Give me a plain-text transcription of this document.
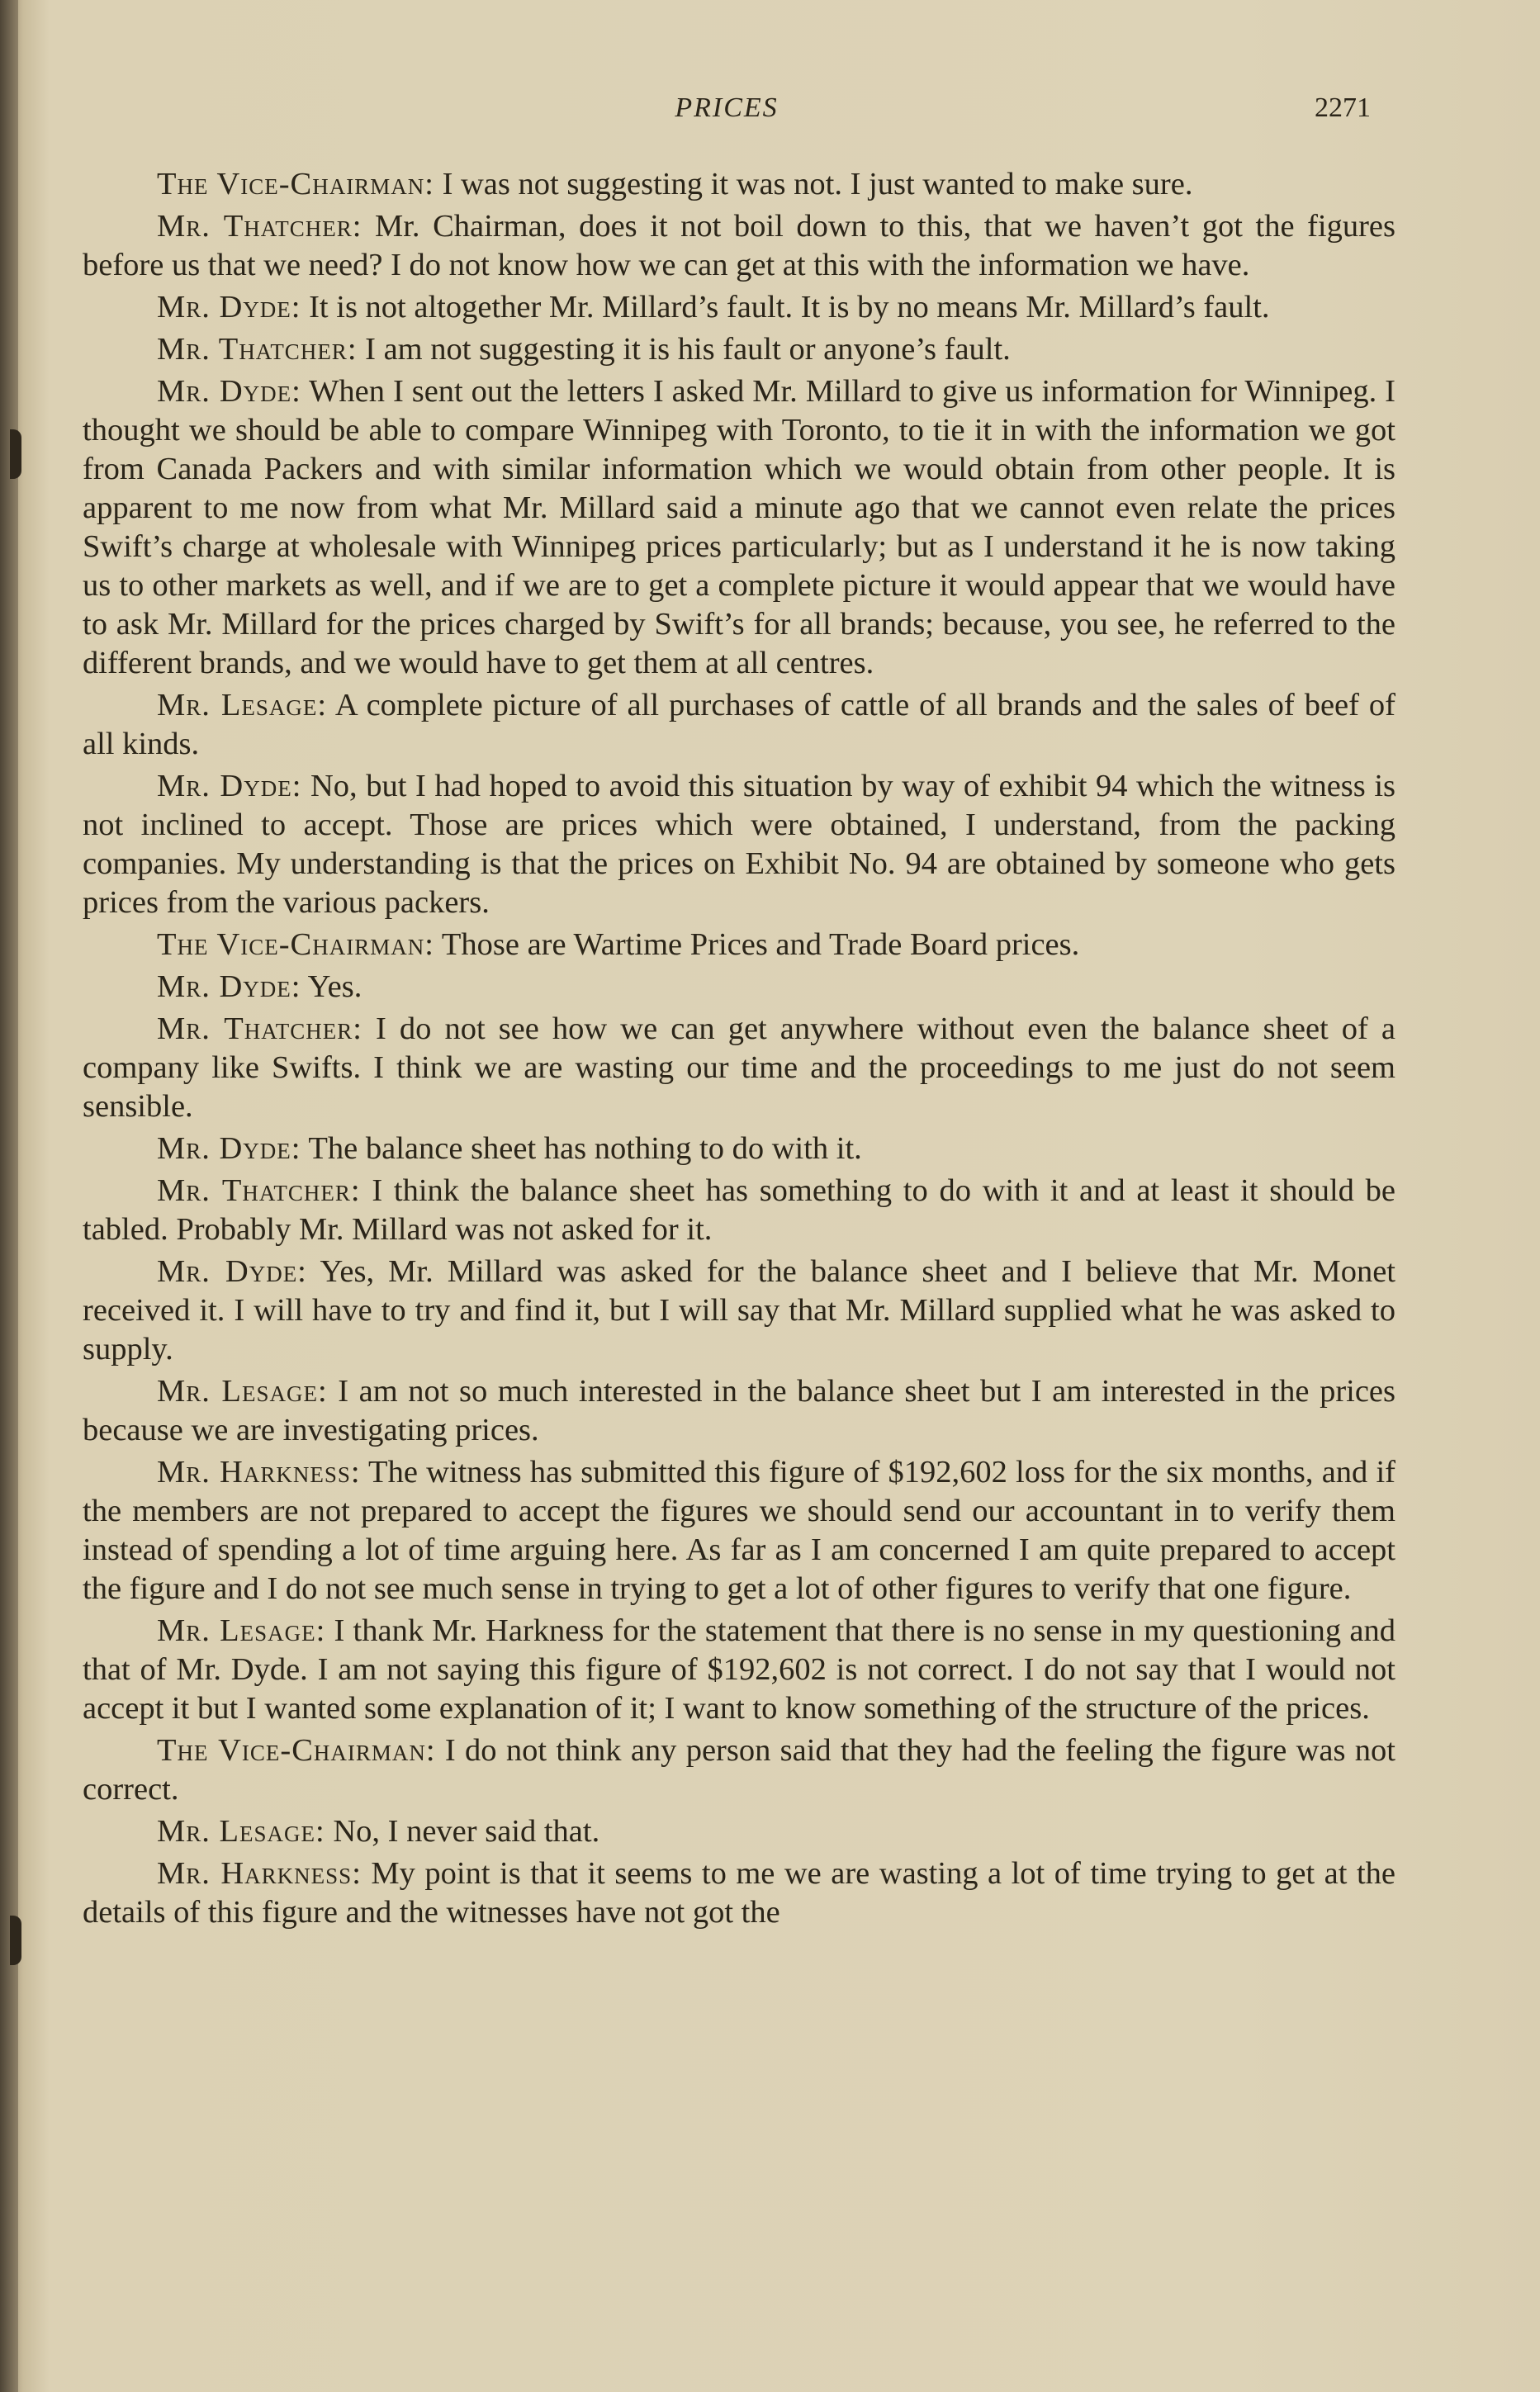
PRICES	2271

The Vice-Chairman: I was not suggesting it was not. I just wanted to make sure.

Mr. Thatcher: Mr. Chairman, does it not boil down to this, that we haven’t got the figures before us that we need? I do not know how we can get at this with the information we have.

Mr. Dyde: It is not altogether Mr. Millard’s fault. It is by no means Mr. Millard’s fault.

Mr. Thatcher: I am not suggesting it is his fault or anyone’s fault.

Mr. Dyde: When I sent out the letters I asked Mr. Millard to give us information for Winnipeg. I thought we should be able to compare Winnipeg with Toronto, to tie it in with the information we got from Canada Packers and with similar information which we would obtain from other people. It is apparent to me now from what Mr. Millard said a minute ago that we cannot even relate the prices Swift’s charge at wholesale with Winnipeg prices particularly; but as I understand it he is now taking us to other markets as well, and if we are to get a complete picture it would appear that we would have to ask Mr. Millard for the prices charged by Swift’s for all brands; because, you see, he referred to the different brands, and we would have to get them at all centres.

Mr. Lesage: A complete picture of all purchases of cattle of all brands and the sales of beef of all kinds.

Mr. Dyde: No, but I had hoped to avoid this situation by way of exhibit 94 which the witness is not inclined to accept. Those are prices which were obtained, I understand, from the packing companies. My understanding is that the prices on Exhibit No. 94 are obtained by someone who gets prices from the various packers.

The Vice-Chairman: Those are Wartime Prices and Trade Board prices.

Mr. Dyde: Yes.

Mr. Thatcher: I do not see how we can get anywhere without even the balance sheet of a company like Swifts. I think we are wasting our time and the proceedings to me just do not seem sensible.

Mr. Dyde: The balance sheet has nothing to do with it.

Mr. Thatcher: I think the balance sheet has something to do with it and at least it should be tabled. Probably Mr. Millard was not asked for it.

Mr. Dyde: Yes, Mr. Millard was asked for the balance sheet and I believe that Mr. Monet received it. I will have to try and find it, but I will say that Mr. Millard supplied what he was asked to supply.

Mr. Lesage: I am not so much interested in the balance sheet but I am interested in the prices because we are investigating prices.

Mr. Harkness: The witness has submitted this figure of $192,602 loss for the six months, and if the members are not prepared to accept the figures we should send our accountant in to verify them instead of spending a lot of time arguing here. As far as I am concerned I am quite prepared to accept the figure and I do not see much sense in trying to get a lot of other figures to verify that one figure.

Mr. Lesage: I thank Mr. Harkness for the statement that there is no sense in my questioning and that of Mr. Dyde. I am not saying this figure of $192,602 is not correct. I do not say that I would not accept it but I wanted some explanation of it; I want to know something of the structure of the prices.

The Vice-Chairman: I do not think any person said that they had the feeling the figure was not correct.

Mr. Lesage: No, I never said that.

Mr. Harkness: My point is that it seems to me we are wasting a lot of time trying to get at the details of this figure and the witnesses have not got the
